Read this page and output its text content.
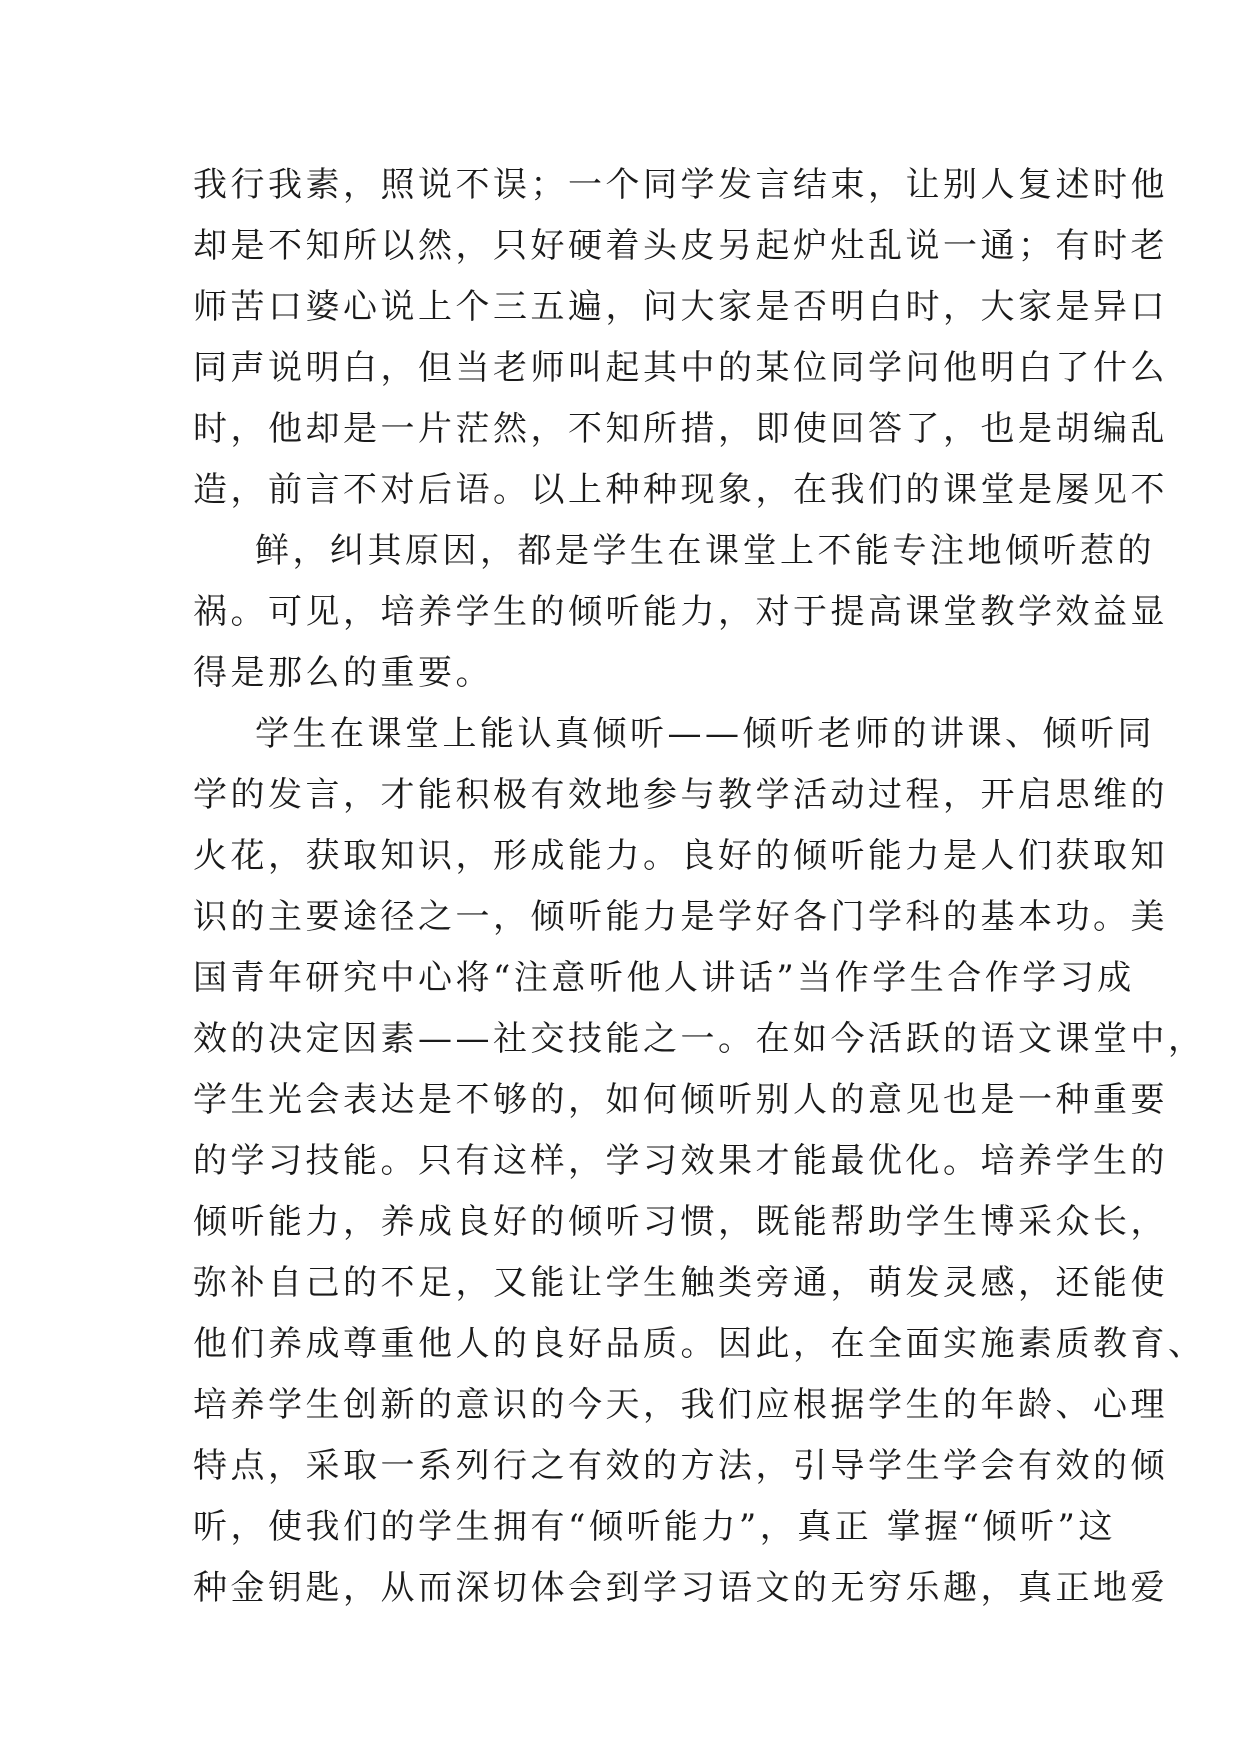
我行我素，照说不误；一个同学发言结束，让别人复述时他
却是不知所以然，只好硬着头皮另起炉灶乱说一通；有时老
师苦口婆心说上个三五遍，问大家是否明白时，大家是异口
同声说明白，但当老师叫起其中的某位同学问他明白了什么
时，他却是一片茫然，不知所措，即使回答了，也是胡编乱
造，前言不对后语。以上种种现象，在我们的课堂是屡见不
鲜，纠其原因，都是学生在课堂上不能专注地倾听惹的
祸。可见，培养学生的倾听能力，对于提高课堂教学效益显
得是那么的重要。
学生在课堂上能认真倾听——倾听老师的讲课、倾听同
学的发言，才能积极有效地参与教学活动过程，开启思维的
火花，获取知识，形成能力。良好的倾听能力是人们获取知
识的主要途径之一，倾听能力是学好各门学科的基本功。美
国青年研究中心将“注意听他人讲话”当作学生合作学习成
效的决定因素——社交技能之一。在如今活跃的语文课堂中，
学生光会表达是不够的，如何倾听别人的意见也是一种重要
的学习技能。只有这样，学习效果才能最优化。培养学生的
倾听能力，养成良好的倾听习惯，既能帮助学生博采众长，
弥补自己的不足，又能让学生触类旁通，萌发灵感，还能使
他们养成尊重他人的良好品质。因此，在全面实施素质教育、
培养学生创新的意识的今天，我们应根据学生的年龄、心理
特点，采取一系列行之有效的方法，引导学生学会有效的倾
听，使我们的学生拥有“倾听能力”，真正 掌握“倾听”这
种金钥匙，从而深切体会到学习语文的无穷乐趣，真正地爱
